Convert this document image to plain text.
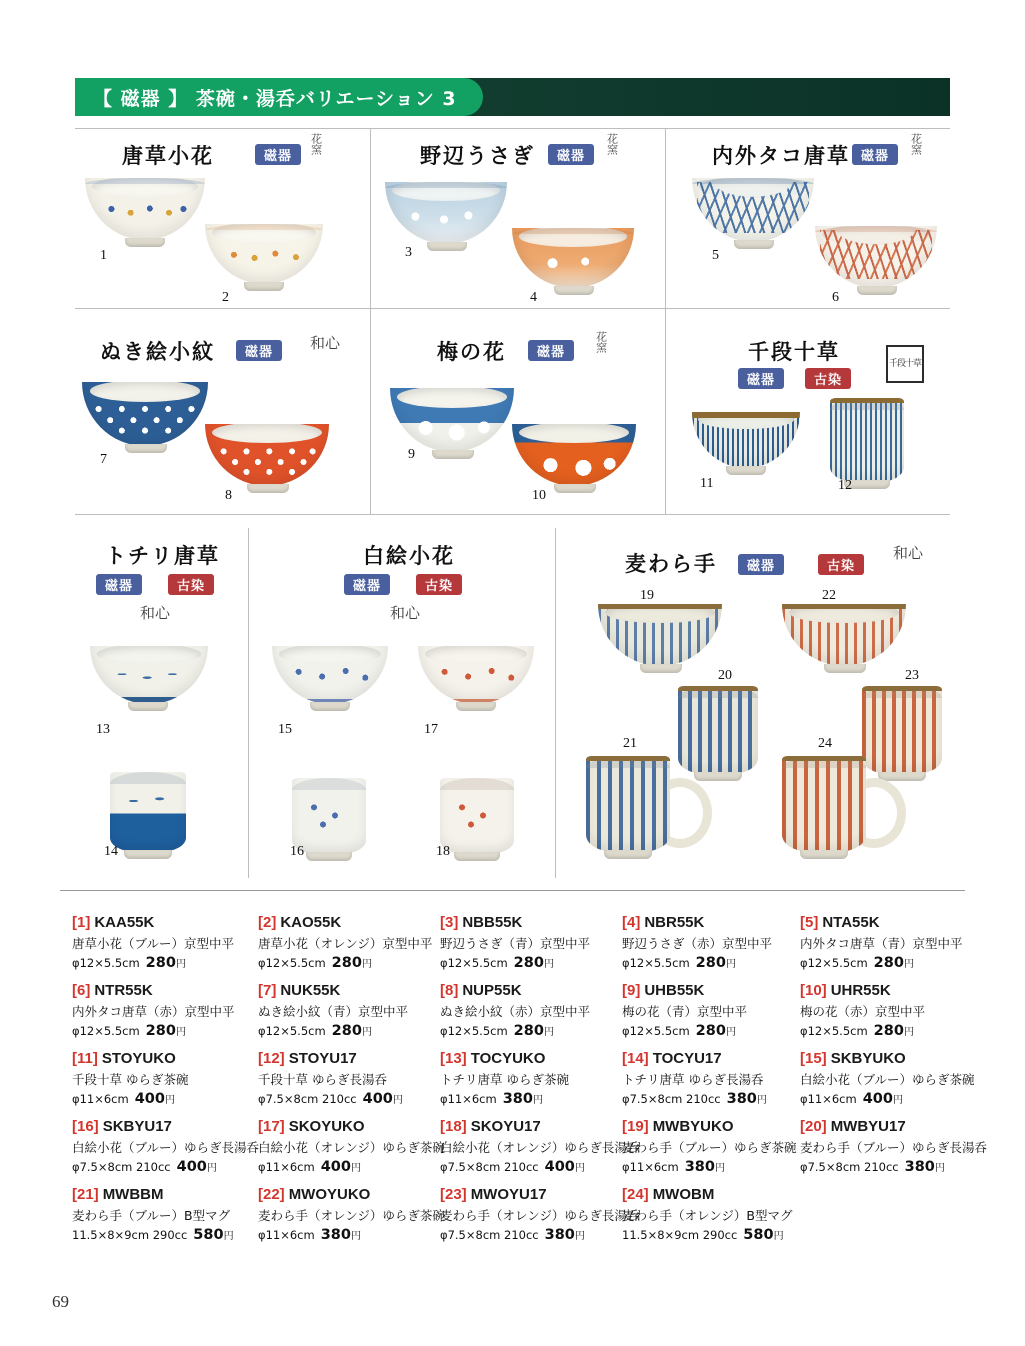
【 磁器 】 茶碗・湯呑バリエーション 3
唐草小花	磁器
花
窯
1
2
野辺うさぎ	磁器
花
窯
3
4
内外タコ唐草 磁器
花
窯
5
6
ぬき絵小紋	磁器
和心
7
8
梅の花	磁器
花
窯
9
10
千段十草
磁器	古染
千段十草
11	12
トチリ唐草
磁器	古染
和心
13
14
白絵小花
磁器	古染
和心
15
16
17
18
麦わら手	磁器	古染
和心
19
20
21
22
23
24
[1] KAA55K
唐草小花（ブルー）京型中平
φ12×5.5cm 280円
[2] KAO55K
唐草小花（オレンジ）京型中平
φ12×5.5cm 280円
[3] NBB55K
野辺うさぎ（青）京型中平
φ12×5.5cm 280円
[4] NBR55K
野辺うさぎ（赤）京型中平
φ12×5.5cm 280円
[5] NTA55K
内外タコ唐草（青）京型中平
φ12×5.5cm 280円
[6] NTR55K
内外タコ唐草（赤）京型中平
φ12×5.5cm 280円
[7] NUK55K
ぬき絵小紋（青）京型中平
φ12×5.5cm 280円
[8] NUP55K
ぬき絵小紋（赤）京型中平
φ12×5.5cm 280円
[9] UHB55K
梅の花（青）京型中平
φ12×5.5cm 280円
[10] UHR55K
梅の花（赤）京型中平
φ12×5.5cm 280円
[11] STOYUKO
千段十草 ゆらぎ茶碗
φ11×6cm 400円
[12] STOYU17
千段十草 ゆらぎ長湯呑
φ7.5×8cm 210cc 400円
[13] TOCYUKO
トチリ唐草 ゆらぎ茶碗
φ11×6cm 380円
[14] TOCYU17
トチリ唐草 ゆらぎ長湯呑
φ7.5×8cm 210cc 380円
[15] SKBYUKO
白絵小花（ブルー）ゆらぎ茶碗
φ11×6cm 400円
[16] SKBYU17
白絵小花（ブルー）ゆらぎ長湯呑
φ7.5×8cm 210cc 400円
[17] SKOYUKO
白絵小花（オレンジ）ゆらぎ茶碗
φ11×6cm 400円
[18] SKOYU17
白絵小花（オレンジ）ゆらぎ長湯呑
φ7.5×8cm 210cc 400円
[19] MWBYUKO
麦わら手（ブルー）ゆらぎ茶碗
φ11×6cm 380円
[20] MWBYU17
麦わら手（ブルー）ゆらぎ長湯呑
φ7.5×8cm 210cc 380円
[21] MWBBM
麦わら手（ブルー）B型マグ
11.5×8×9cm 290cc 580円
[22] MWOYUKO
麦わら手（オレンジ）ゆらぎ茶碗
φ11×6cm 380円
[23] MWOYU17
麦わら手（オレンジ）ゆらぎ長湯呑
φ7.5×8cm 210cc 380円
[24] MWOBM
麦わら手（オレンジ）B型マグ
11.5×8×9cm 290cc 580円
69
